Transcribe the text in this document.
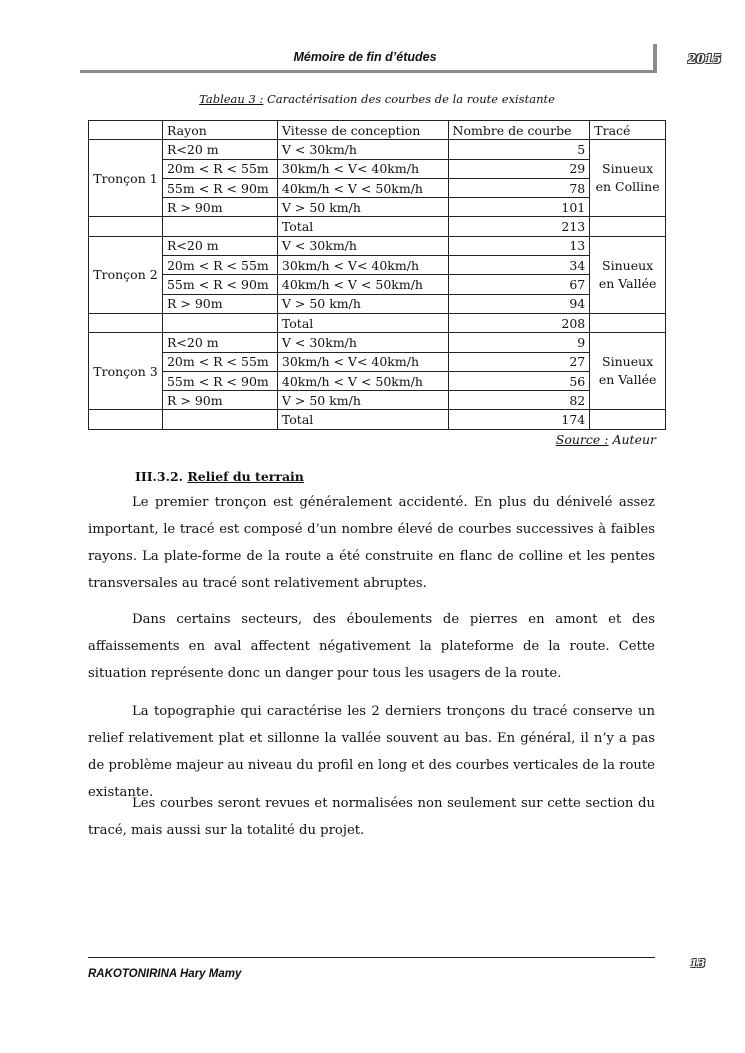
Mémoire de fin d’études	2015
Tableau 3 : Caractérisation des courbes de la route existante
	Rayon	Vitesse de conception	Nombre de courbe	Tracé
Tronçon 1	R<20 m	V < 30km/h	5	Sinueux en Colline
	20m < R < 55m	30km/h < V< 40km/h	29	
	55m < R < 90m	40km/h < V < 50km/h	78	
	R > 90m	V > 50 km/h	101	
		Total	213	
Tronçon 2	R<20 m	V < 30km/h	13	Sinueux en Vallée
	20m < R < 55m	30km/h < V< 40km/h	34	
	55m < R < 90m	40km/h < V < 50km/h	67	
	R > 90m	V > 50 km/h	94	
		Total	208	
Tronçon 3	R<20 m	V < 30km/h	9	Sinueux en Vallée
	20m < R < 55m	30km/h < V< 40km/h	27	
	55m < R < 90m	40km/h < V < 50km/h	56	
	R > 90m	V > 50 km/h	82	
		Total	174	
Source : Auteur
III.3.2. Relief du terrain

Le premier tronçon est généralement accidenté. En plus du dénivelé assez important, le tracé est composé d’un nombre élevé de courbes successives à faibles rayons. La plate-forme de la route a été construite en flanc de colline et les pentes transversales au tracé sont relativement abruptes.

Dans certains secteurs, des éboulements de pierres en amont et des affaissements en aval affectent négativement la plateforme de la route. Cette situation représente donc un danger pour tous les usagers de la route.

La topographie qui caractérise les 2 derniers tronçons du tracé conserve un relief relativement plat et sillonne la vallée souvent au bas. En général, il n’y a pas de problème majeur au niveau du profil en long et des courbes verticales de la route existante.

Les courbes seront revues et normalisées non seulement sur cette section du tracé, mais aussi sur la totalité du projet.

RAKOTONIRINA Hary Mamy
13
